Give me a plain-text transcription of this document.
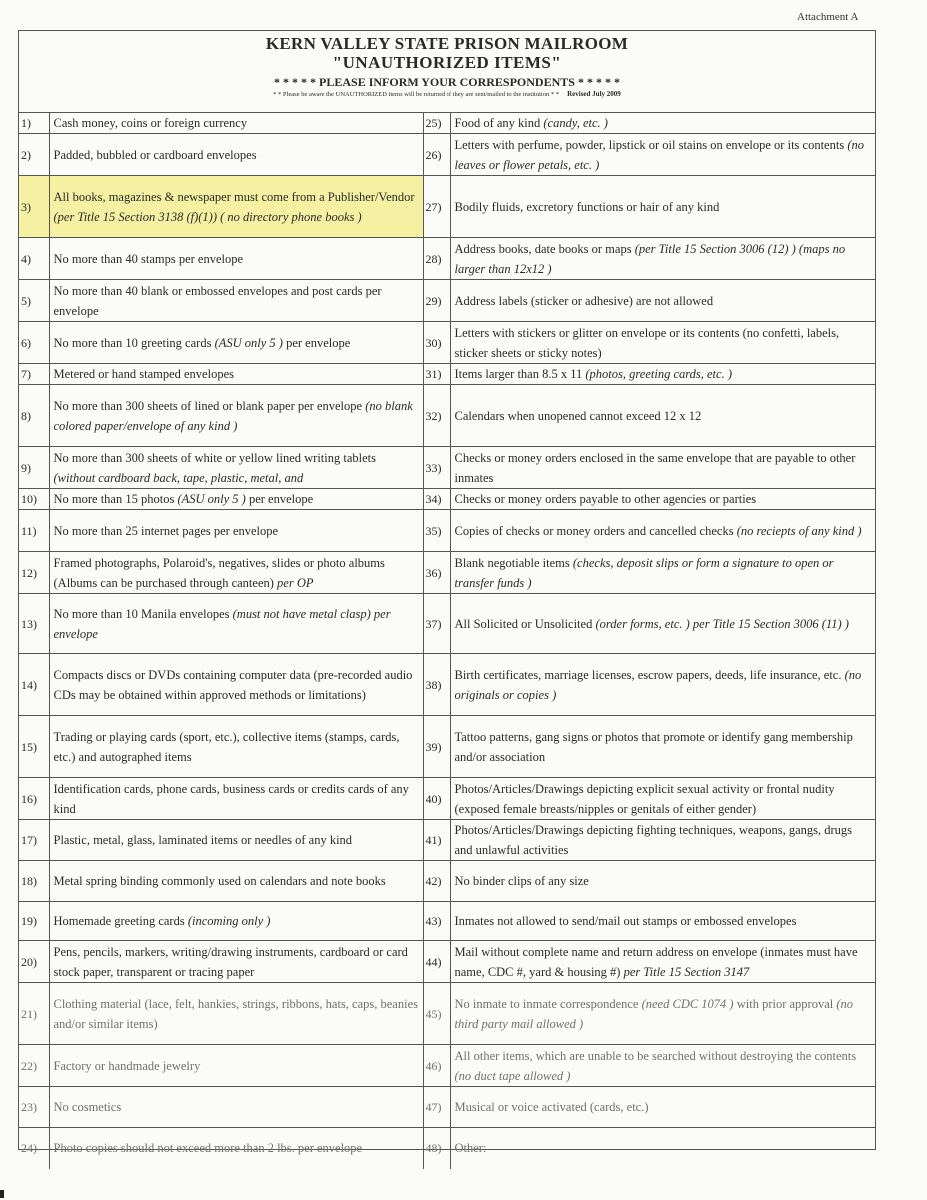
Attachment A
KERN VALLEY STATE PRISON MAILROOM
"UNAUTHORIZED ITEMS"
* * * * * PLEASE INFORM YOUR CORRESPONDENTS * * * * *
* * Please be aware the UNAUTHORIZED items will be returned if they are sent/mailed to the institution * * Revised July 2009
1)	Cash money, coins or foreign currency	25)	Food of any kind (candy, etc. )
2)	Padded, bubbled or cardboard envelopes	26)	Letters with perfume, powder, lipstick or oil stains on envelope or its contents (no leaves or flower petals, etc. )
3)	All books, magazines & newspaper must come from a Publisher/Vendor (per Title 15 Section 3138 (f)(1)) ( no directory phone books )	27)	Bodily fluids, excretory functions or hair of any kind
4)	No more than 40 stamps per envelope	28)	Address books, date books or maps (per Title 15 Section 3006 (12) ) (maps no larger than 12x12 )
5)	No more than 40 blank or embossed envelopes and post cards per envelope	29)	Address labels (sticker or adhesive) are not allowed
6)	No more than 10 greeting cards (ASU only 5 ) per envelope	30)	Letters with stickers or glitter on envelope or its contents (no confetti, labels, sticker sheets or sticky notes)
7)	Metered or hand stamped envelopes	31)	Items larger than 8.5 x 11 (photos, greeting cards, etc. )
8)	No more than 300 sheets of lined or blank paper per envelope (no blank colored paper/envelope of any kind )	32)	Calendars when unopened cannot exceed 12 x 12
9)	No more than 300 sheets of white or yellow lined writing tablets (without cardboard back, tape, plastic, metal, and	33)	Checks or money orders enclosed in the same envelope that are payable to other inmates
10)	No more than 15 photos (ASU only 5 ) per envelope	34)	Checks or money orders payable to other agencies or parties
11)	No more than 25 internet pages per envelope	35)	Copies of checks or money orders and cancelled checks (no reciepts of any kind )
12)	Framed photographs, Polaroid's, negatives, slides or photo albums (Albums can be purchased through canteen) per OP	36)	Blank negotiable items (checks, deposit slips or form a signature to open or transfer funds )
13)	No more than 10 Manila envelopes (must not have metal clasp) per envelope	37)	All Solicited or Unsolicited (order forms, etc. ) per Title 15 Section 3006 (11) )
14)	Compacts discs or DVDs containing computer data (pre-recorded audio CDs may be obtained within approved methods or limitations)	38)	Birth certificates, marriage licenses, escrow papers, deeds, life insurance, etc. (no originals or copies )
15)	Trading or playing cards (sport, etc.), collective items (stamps, cards, etc.) and autographed items	39)	Tattoo patterns, gang signs or photos that promote or identify gang membership and/or association
16)	Identification cards, phone cards, business cards or credits cards of any kind	40)	Photos/Articles/Drawings depicting explicit sexual activity or frontal nudity (exposed female breasts/nipples or genitals of either gender)
17)	Plastic, metal, glass, laminated items or needles of any kind	41)	Photos/Articles/Drawings depicting fighting techniques, weapons, gangs, drugs and unlawful activities
18)	Metal spring binding commonly used on calendars and note books	42)	No binder clips of any size
19)	Homemade greeting cards (incoming only )	43)	Inmates not allowed to send/mail out stamps or embossed envelopes
20)	Pens, pencils, markers, writing/drawing instruments, cardboard or card stock paper, transparent or tracing paper	44)	Mail without complete name and return address on envelope (inmates must have name, CDC #, yard & housing #) per Title 15 Section 3147
21)	Clothing material (lace, felt, hankies, strings, ribbons, hats, caps, beanies and/or similar items)	45)	No inmate to inmate correspondence (need CDC 1074 ) with prior approval (no third party mail allowed )
22)	Factory or handmade jewelry	46)	All other items, which are unable to be searched without destroying the contents (no duct tape allowed )
23)	No cosmetics	47)	Musical or voice activated (cards, etc.)
24)	Photo copies should not exceed more than 2 lbs. per envelope	48)	Other:
